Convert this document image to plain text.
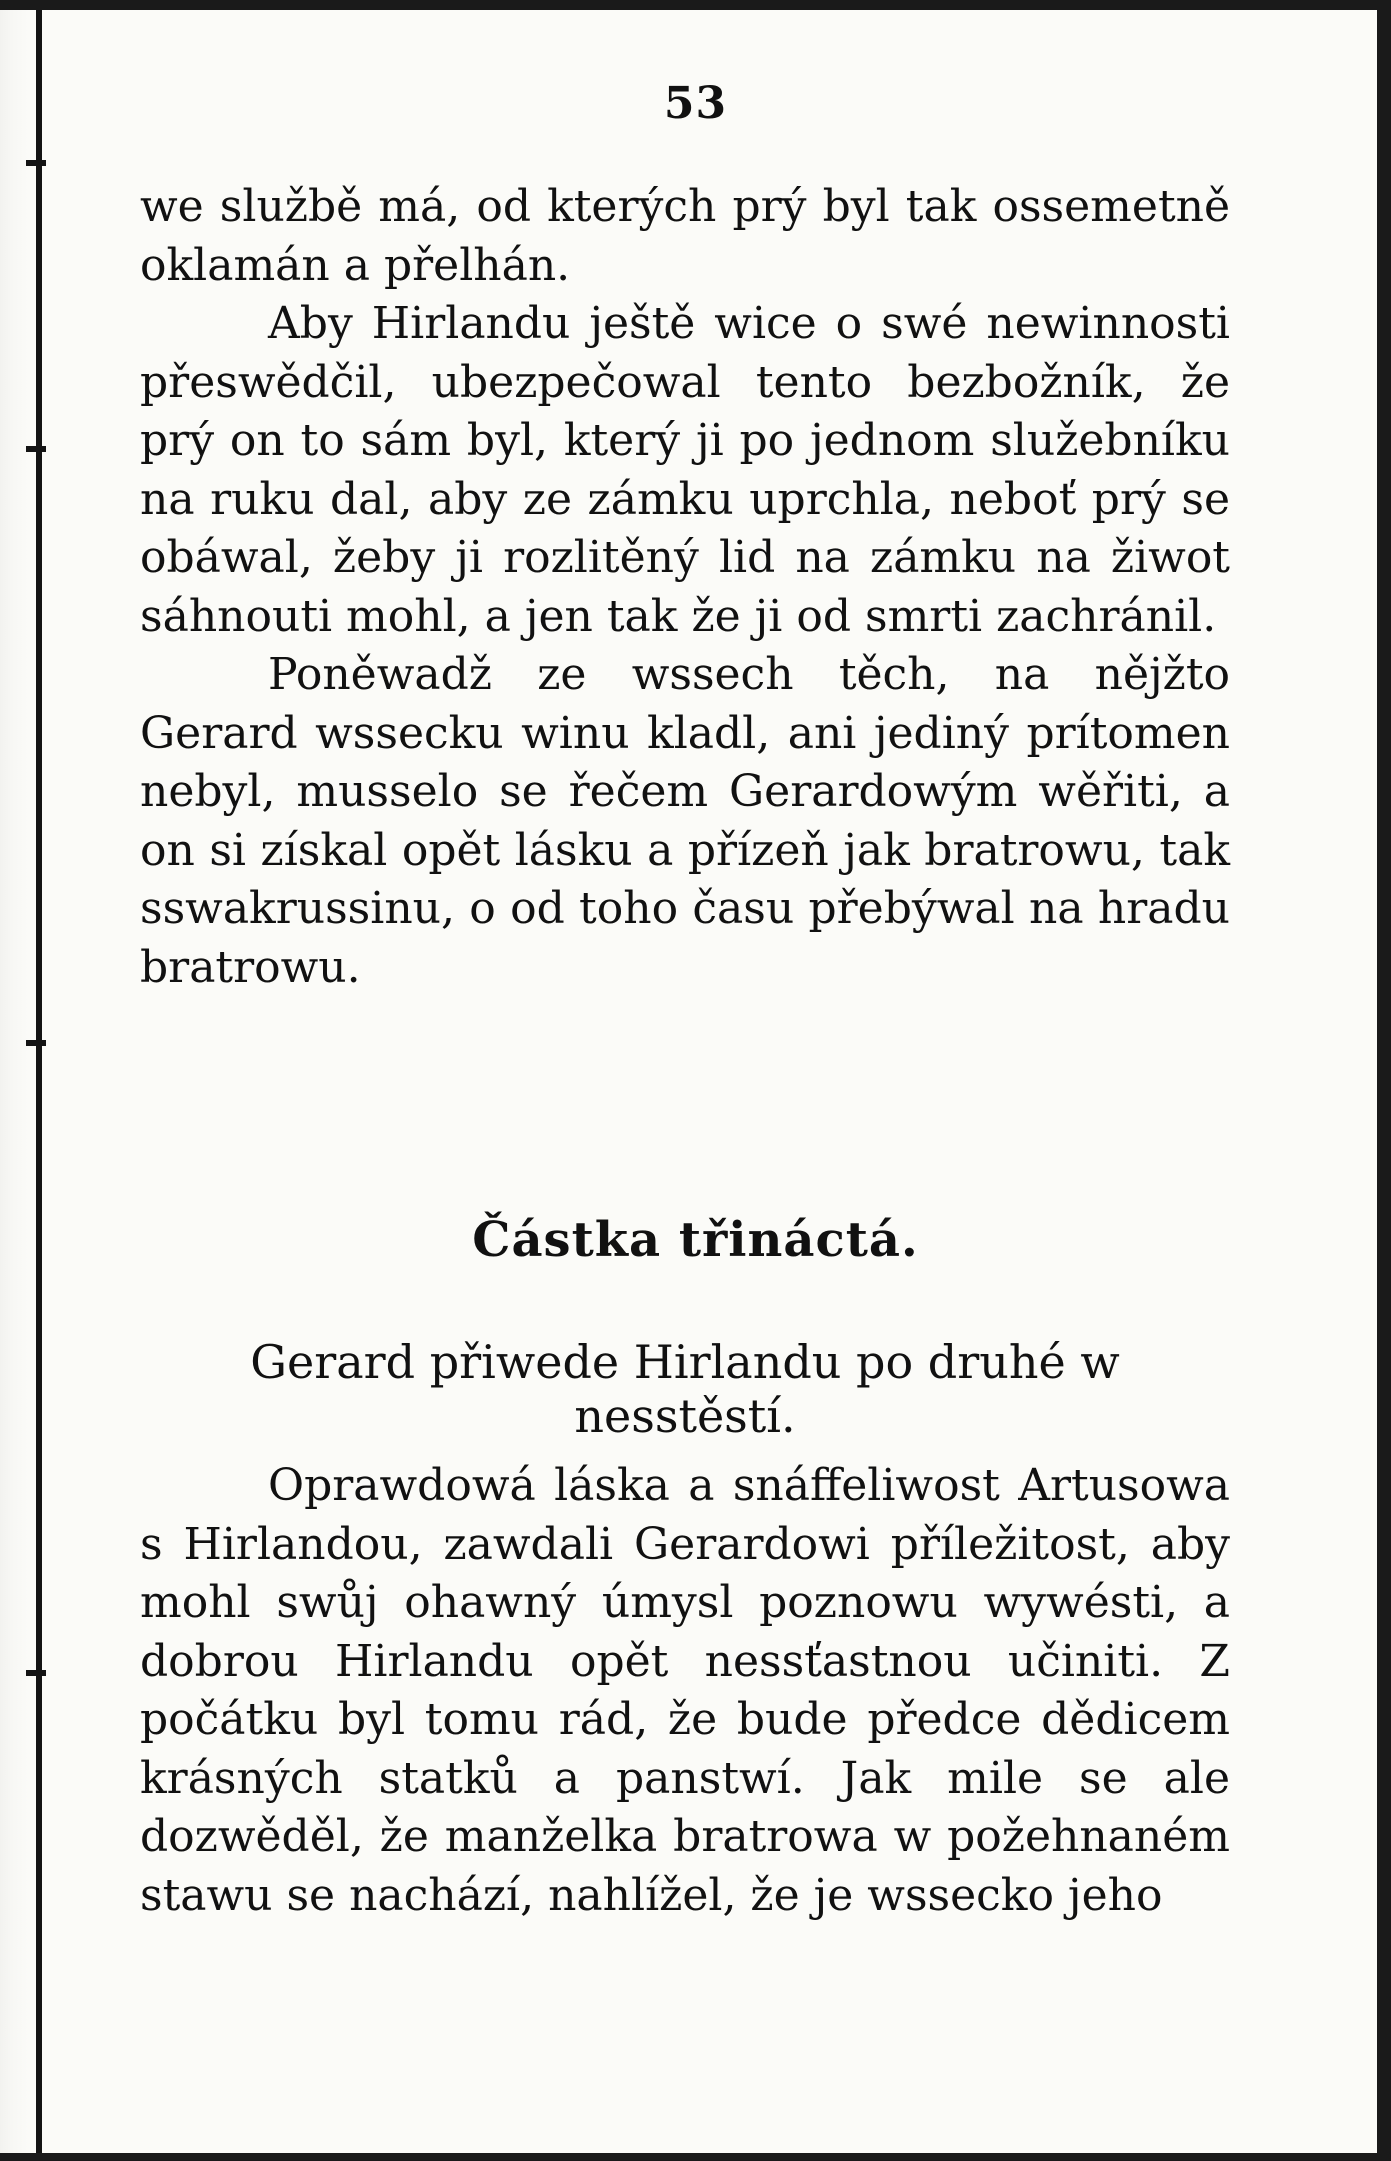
53

we službě má, od kterých prý byl tak ossemetně oklamán a přelhán.

Aby Hirlandu ještě wice o swé newinnosti přeswědčil, ubezpečowal tento bezbožník, že prý on to sám byl, který ji po jednom služebníku na ruku dal, aby ze zámku uprchla, neboť prý se obáwal, žeby ji rozlitěný lid na zámku na žiwot sáhnouti mohl, a jen tak že ji od smrti zachránil.

Poněwadž ze wssech těch, na nějžto Gerard wssecku winu kladl, ani jediný prítomen nebyl, musselo se řečem Gerardowým wěřiti, a on si získal opět lásku a přízeň jak bratrowu, tak sswakrussinu, o od toho času přebýwal na hradu bratrowu.

Částka třináctá.
Gerard přiwede Hirlandu po druhé w nesstěstí.

Oprawdowá láska a snáffeliwost Artusowa s Hirlandou, zawdali Gerardowi příležitost, aby mohl swůj ohawný úmysl poznowu wywésti, a dobrou Hirlandu opět nessťastnou učiniti. Z počátku byl tomu rád, že bude předce dědicem krásných statků a panstwí. Jak mile se ale dozwěděl, že manželka bratrowa w požehnaném stawu se nachází, nahlížel, že je wssecko jeho
